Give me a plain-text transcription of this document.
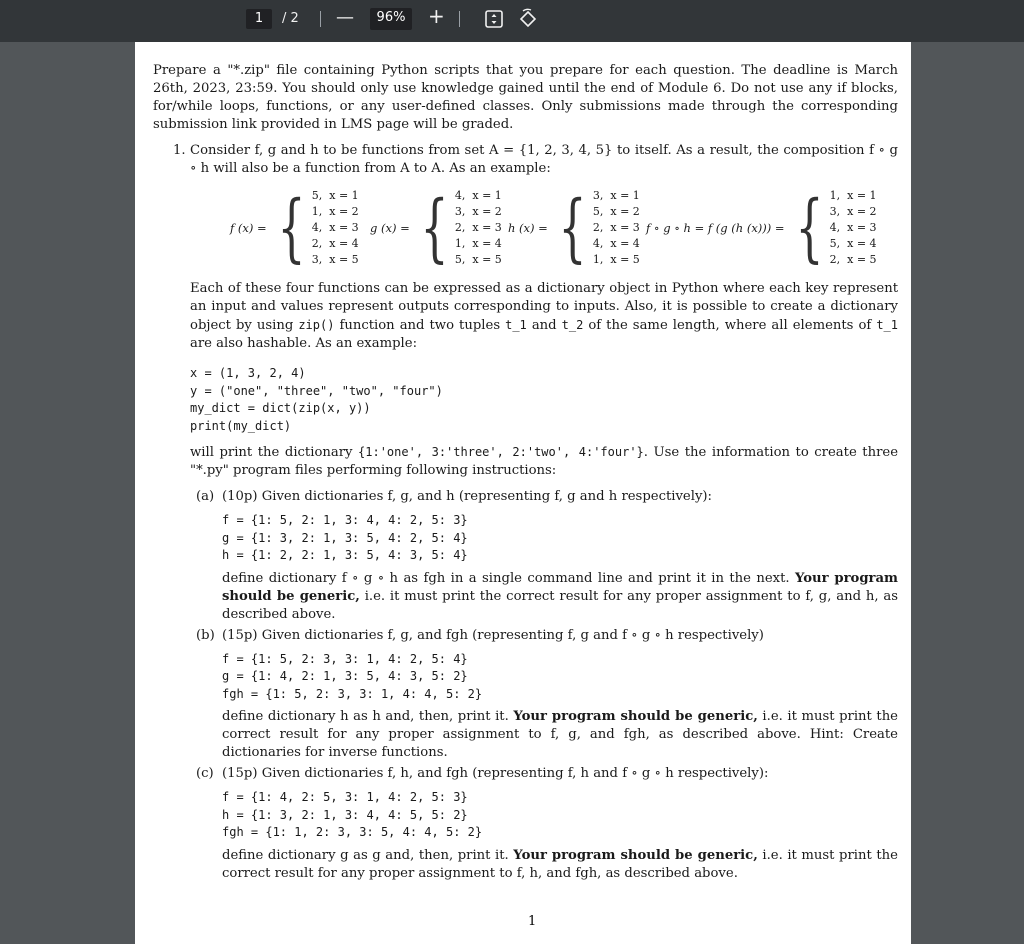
1	/ 2 —	96%	+

Prepare a "*.zip" file containing Python scripts that you prepare for each question. The deadline is March 26th, 2023, 23:59. You should only use knowledge gained until the end of Module 6. Do not use any if blocks, for/while loops, functions, or any user-defined classes. Only submissions made through the corresponding submission link provided in LMS page will be graded.

1. Consider f, g and h to be functions from set A = {1, 2, 3, 4, 5} to itself. As a result, the composition f ∘ g ∘ h will also be a function from A to A. As an example:

f (x) = { 5,  x = 1
1,  x = 2
4,  x = 3
2,  x = 4
3,  x = 5
g (x) = { 4,  x = 1
3,  x = 2
2,  x = 3
1,  x = 4
5,  x = 5
h (x) = { 3,  x = 1
5,  x = 2
2,  x = 3
4,  x = 4
1,  x = 5
f ∘ g ∘ h = f (g (h (x))) = { 1,  x = 1
3,  x = 2
4,  x = 3
5,  x = 4
2,  x = 5

Each of these four functions can be expressed as a dictionary object in Python where each key represent an input and values represent outputs corresponding to inputs. Also, it is possible to create a dictionary object by using zip() function and two tuples t_1 and t_2 of the same length, where all elements of t_1 are also hashable. As an example:

x = (1, 3, 2, 4)
y = ("one", "three", "two", "four")
my_dict = dict(zip(x, y))
print(my_dict)

will print the dictionary {1:'one', 3:'three', 2:'two', 4:'four'}. Use the information to create three "*.py" program files performing following instructions:

(a) (10p) Given dictionaries f, g, and h (representing f, g and h respectively):

f = {1: 5, 2: 1, 3: 4, 4: 2, 5: 3}
g = {1: 3, 2: 1, 3: 5, 4: 2, 5: 4}
h = {1: 2, 2: 1, 3: 5, 4: 3, 5: 4}

define dictionary f ∘ g ∘ h as fgh in a single command line and print it in the next. Your program should be generic, i.e. it must print the correct result for any proper assignment to f, g, and h, as described above.

(b) (15p) Given dictionaries f, g, and fgh (representing f, g and f ∘ g ∘ h respectively)

f = {1: 5, 2: 3, 3: 1, 4: 2, 5: 4}
g = {1: 4, 2: 1, 3: 5, 4: 3, 5: 2}
fgh = {1: 5, 2: 3, 3: 1, 4: 4, 5: 2}

define dictionary h as h and, then, print it. Your program should be generic, i.e. it must print the correct result for any proper assignment to f, g, and fgh, as described above. Hint: Create dictionaries for inverse functions.

(c) (15p) Given dictionaries f, h, and fgh (representing f, h and f ∘ g ∘ h respectively):

f = {1: 4, 2: 5, 3: 1, 4: 2, 5: 3}
h = {1: 3, 2: 1, 3: 4, 4: 5, 5: 2}
fgh = {1: 1, 2: 3, 3: 5, 4: 4, 5: 2}

define dictionary g as g and, then, print it. Your program should be generic, i.e. it must print the correct result for any proper assignment to f, h, and fgh, as described above.

1
